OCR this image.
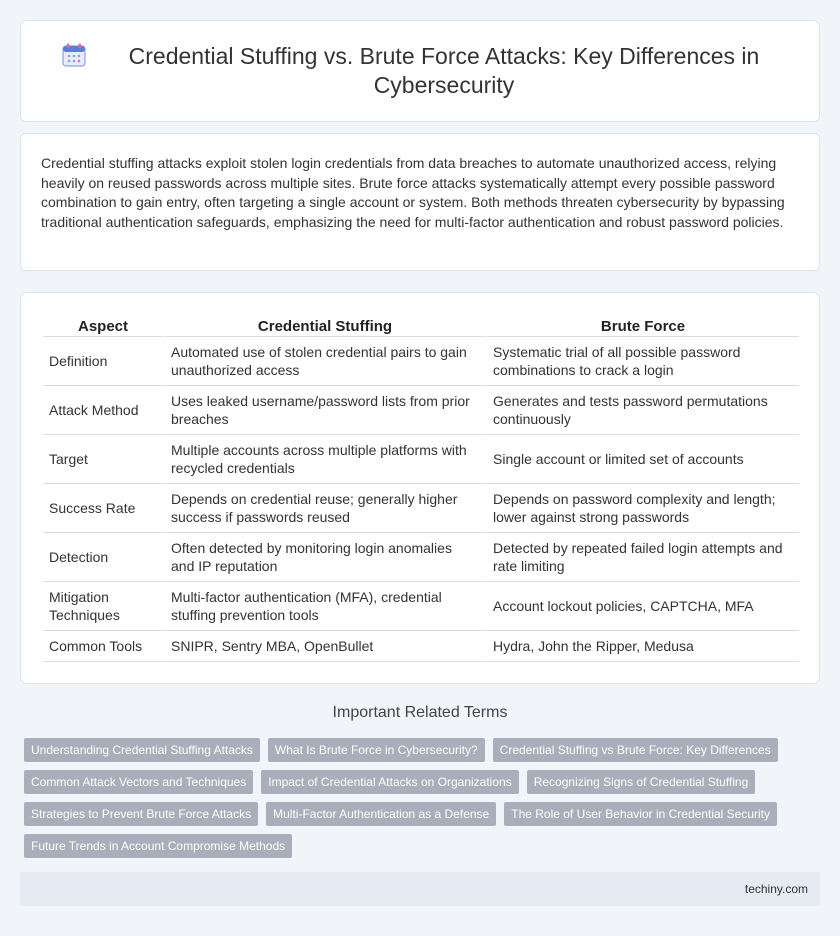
Credential Stuffing vs. Brute Force Attacks: Key Differences in Cybersecurity

Credential stuffing attacks exploit stolen login credentials from data breaches to automate unauthorized access, relying heavily on reused passwords across multiple sites. Brute force attacks systematically attempt every possible password combination to gain entry, often targeting a single account or system. Both methods threaten cybersecurity by bypassing traditional authentication safeguards, emphasizing the need for multi-factor authentication and robust password policies.

Aspect	Credential Stuffing	Brute Force
Definition	Automated use of stolen credential pairs to gain unauthorized access	Systematic trial of all possible password combinations to crack a login
Attack Method	Uses leaked username/password lists from prior breaches	Generates and tests password permutations continuously
Target	Multiple accounts across multiple platforms with recycled credentials	Single account or limited set of accounts
Success Rate	Depends on credential reuse; generally higher success if passwords reused	Depends on password complexity and length; lower against strong passwords
Detection	Often detected by monitoring login anomalies and IP reputation	Detected by repeated failed login attempts and rate limiting
Mitigation Techniques	Multi-factor authentication (MFA), credential stuffing prevention tools	Account lockout policies, CAPTCHA, MFA
Common Tools	SNIPR, Sentry MBA, OpenBullet	Hydra, John the Ripper, Medusa
Important Related Terms
Understanding Credential Stuffing Attacks	What Is Brute Force in Cybersecurity?	Credential Stuffing vs Brute Force: Key Differences
Common Attack Vectors and Techniques	Impact of Credential Attacks on Organizations	Recognizing Signs of Credential Stuffing
Strategies to Prevent Brute Force Attacks	Multi-Factor Authentication as a Defense	The Role of User Behavior in Credential Security
Future Trends in Account Compromise Methods
techiny.com
